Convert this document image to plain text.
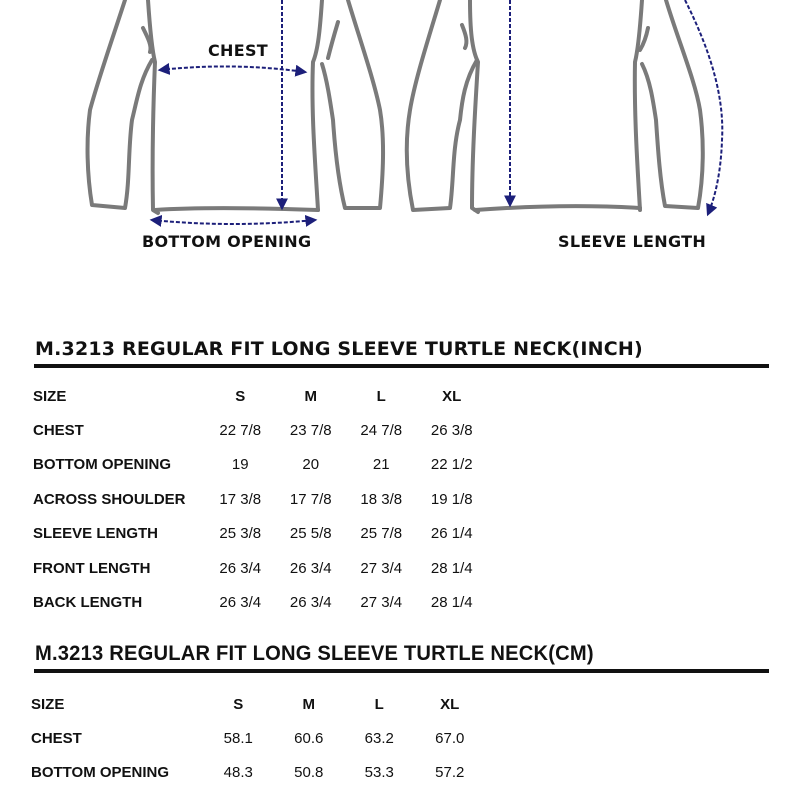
CHEST
BOTTOM OPENING	SLEEVE LENGTH
M.3213 REGULAR FIT LONG SLEEVE TURTLE NECK(INCH)
SIZE	S	M	L	XL
CHEST	22 7/8	23 7/8	24 7/8	26 3/8
BOTTOM OPENING	19	20	21	22 1/2
ACROSS SHOULDER	17 3/8	17 7/8	18 3/8	19 1/8
SLEEVE LENGTH	25 3/8	25 5/8	25 7/8	26 1/4
FRONT LENGTH	26 3/4	26 3/4	27 3/4	28 1/4
BACK LENGTH	26 3/4	26 3/4	27 3/4	28 1/4
M.3213 REGULAR FIT LONG SLEEVE TURTLE NECK(CM)
SIZE	S	M	L	XL
CHEST	58.1	60.6	63.2	67.0
BOTTOM OPENING	48.3	50.8	53.3	57.2
